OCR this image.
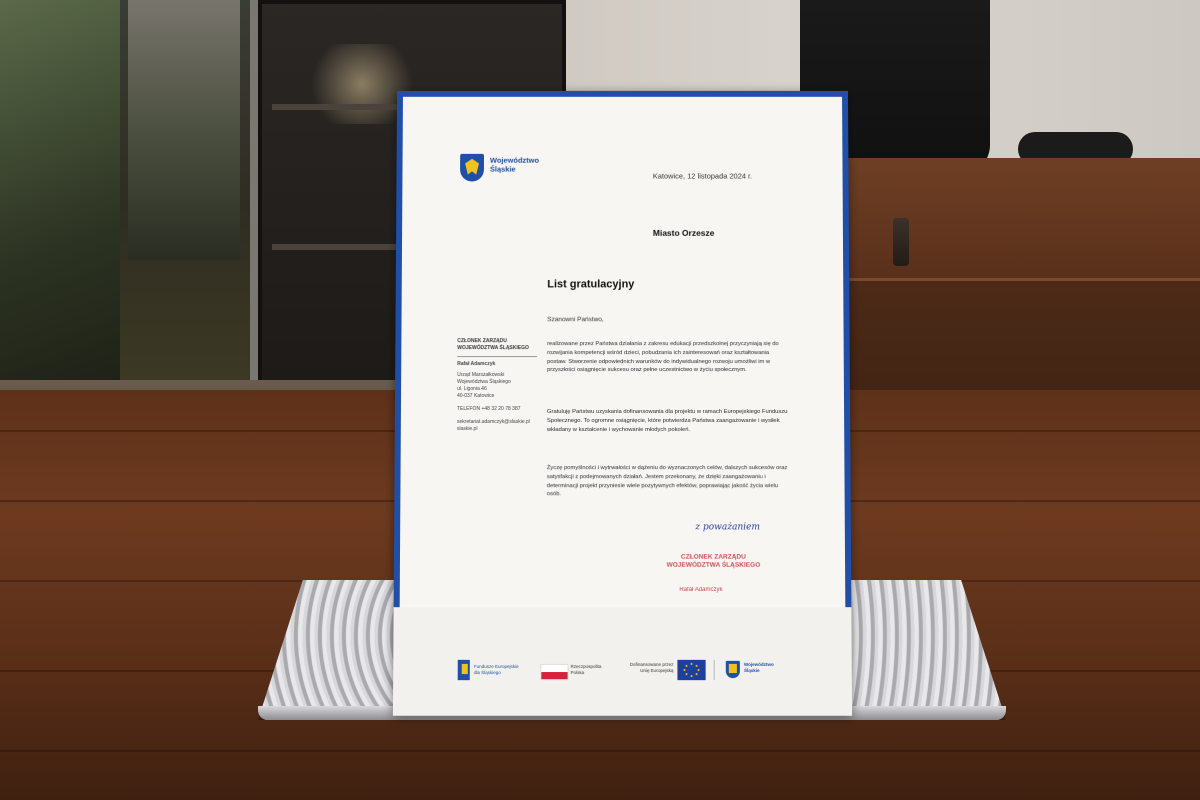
Województwo
Śląskie
Katowice, 12 listopada 2024 r.
Miasto Orzesze
List gratulacyjny
Szanowni Państwo,
CZŁONEK ZARZĄDU
WOJEWÓDZTWA ŚLĄSKIEGO
Rafał Adamczyk
Urząd Marszałkowski
Województwa Śląskiego
ul. Ligonia 46
40-037 Katowice
TELEFON +48 32 20 78 387
sekretariat.adamczyk@slaskie.pl
slaskie.pl
realizowane przez Państwa działania z zakresu edukacji przedszkolnej przyczyniają się do rozwijania kompetencji wśród dzieci, pobudzania ich zainteresowań oraz kształtowania postaw. Stworzenie odpowiednich warunków do indywidualnego rozwoju umożliwi im w przyszłości osiągnięcie sukcesu oraz pełne uczestnictwo w życiu społecznym.
Gratuluję Państwu uzyskania dofinansowania dla projektu w ramach Europejskiego Funduszu Społecznego. To ogromne osiągnięcie, które potwierdza Państwa zaangażowanie i wysiłek wkładany w kształcenie i wychowanie młodych pokoleń.
Życzę pomyślności i wytrwałości w dążeniu do wyznaczonych celów, dalszych sukcesów oraz satysfakcji z podejmowanych działań. Jestem przekonany, że dzięki zaangażowaniu i determinacji projekt przyniesie wiele pozytywnych efektów, poprawiając jakość życia wielu osób.
z poważaniem
CZŁONEK ZARZĄDU
WOJEWÓDZTWA ŚLĄSKIEGO
Rafał Adamczyk
Fundusze Europejskie
dla Śląskiego
Rzeczpospolita
Polska
Dofinansowane przez
Unię Europejską
Województwo
Śląskie
